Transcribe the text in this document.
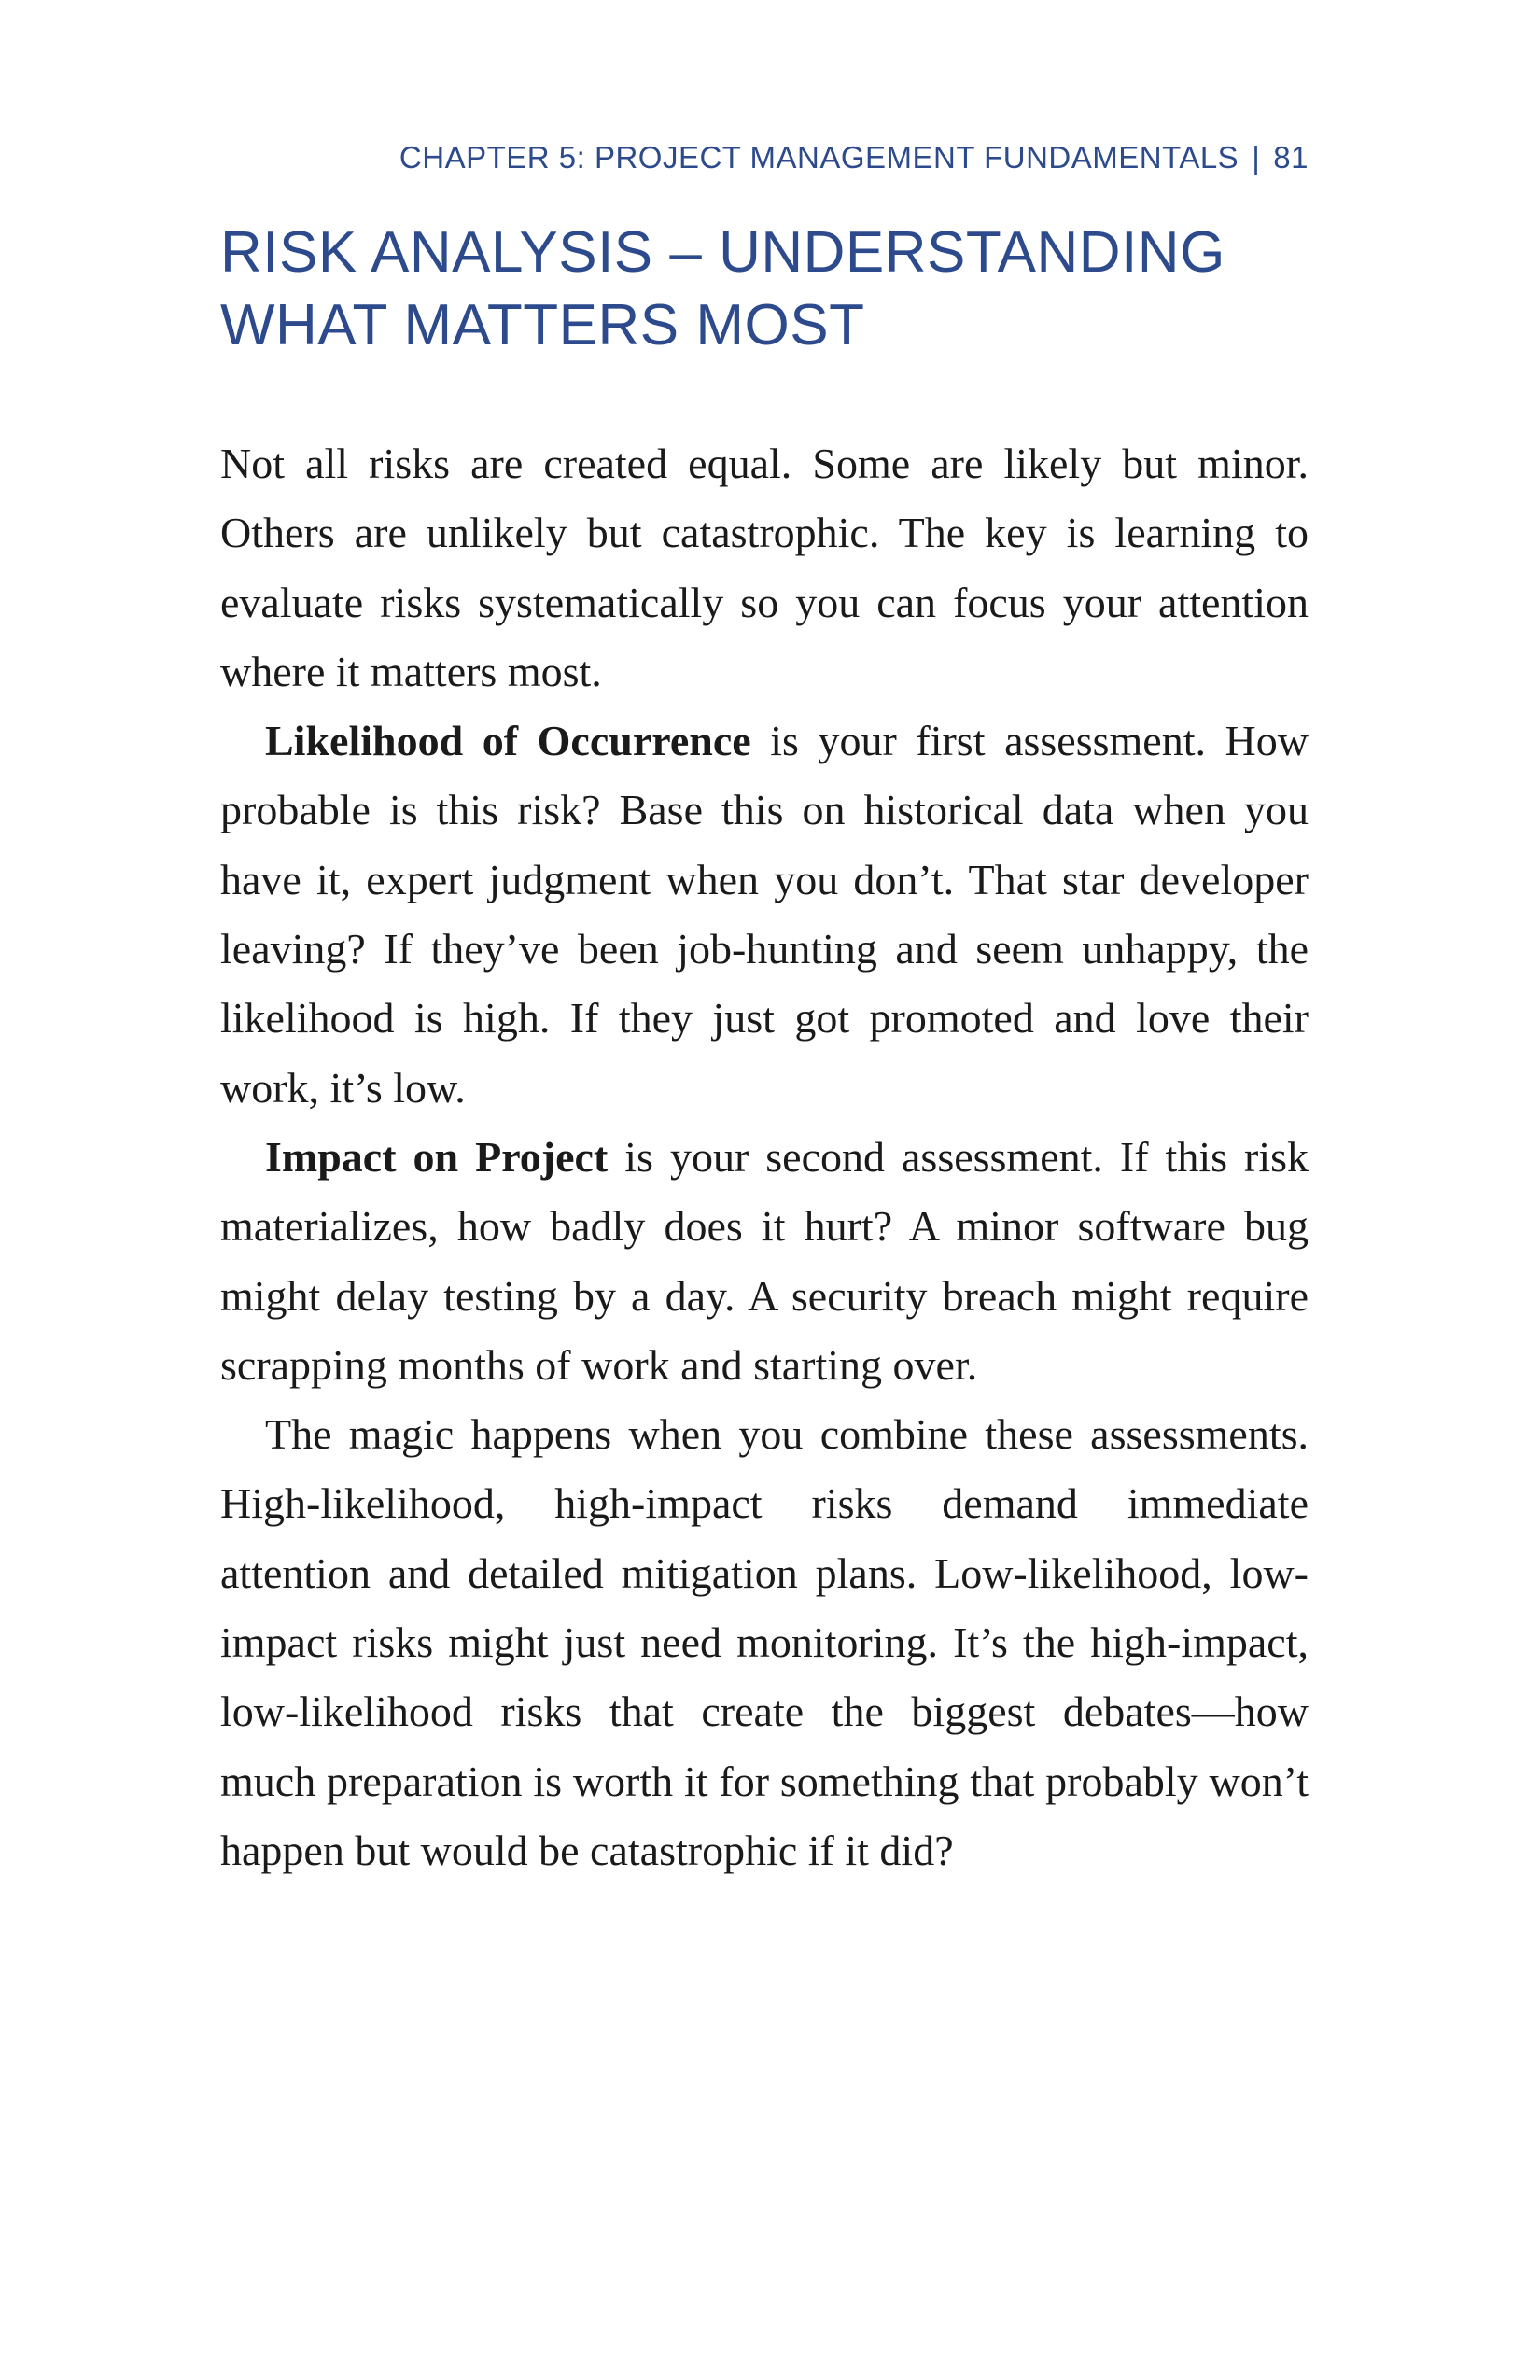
CHAPTER 5: PROJECT MANAGEMENT FUNDAMENTALS | 81
RISK ANALYSIS – UNDERSTANDING
WHAT MATTERS MOST

Not all risks are created equal. Some are likely but minor. Others are unlikely but catastrophic. The key is learning to evaluate risks systematically so you can focus your attention where it matters most.

Likelihood of Occurrence is your first assessment. How probable is this risk? Base this on historical data when you have it, expert judgment when you don’t. That star developer leaving? If they’ve been job-hunting and seem unhappy, the likelihood is high. If they just got promoted and love their work, it’s low.

Impact on Project is your second assessment. If this risk materializes, how badly does it hurt? A minor software bug might delay testing by a day. A security breach might require scrapping months of work and starting over.

The magic happens when you combine these assessments. High-likelihood, high-impact risks demand immediate attention and detailed mitigation plans. Low-likelihood, low-impact risks might just need monitoring. It’s the high-impact, low-likelihood risks that create the biggest debates—how much preparation is worth it for something that probably won’t happen but would be catastrophic if it did?
